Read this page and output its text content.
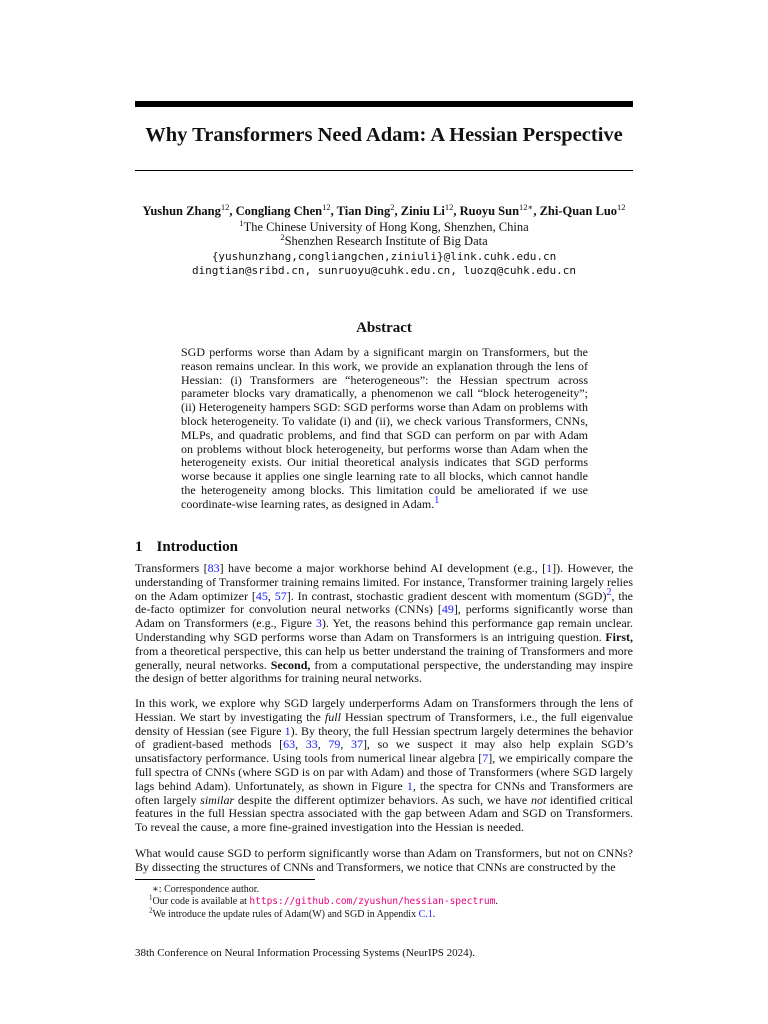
Why Transformers Need Adam: A Hessian Perspective
Yushun Zhang$^{12}$, Congliang Chen$^{12}$, Tian Ding$^2$, Ziniu Li$^{12}$, Ruoyu Sun$^{12∗}$, Zhi-Quan Luo$^{12}$
$^1$The Chinese University of Hong Kong, Shenzhen, China
$^2$Shenzhen Research Institute of Big Data
{yushunzhang,congliangchen,ziniuli}@link.cuhk.edu.cn
dingtian@sribd.cn, sunruoyu@cuhk.edu.cn, luozq@cuhk.edu.cn
Abstract
SGD performs worse than Adam by a significant margin on Transformers, but the reason remains unclear. In this work, we provide an explanation through the lens of Hessian: (i) Transformers are “heterogeneous”: the Hessian spectrum across parameter blocks vary dramatically, a phenomenon we call “block heterogeneity”; (ii) Heterogeneity hampers SGD: SGD performs worse than Adam on problems with block heterogeneity. To validate (i) and (ii), we check various Transformers, CNNs, MLPs, and quadratic problems, and find that SGD can perform on par with Adam on problems without block heterogeneity, but performs worse than Adam when the heterogeneity exists. Our initial theoretical analysis indicates that SGD performs worse because it applies one single learning rate to all blocks, which cannot handle the heterogeneity among blocks. This limitation could be ameliorated if we use coordinate-wise learning rates, as designed in Adam.$^1$
1 Introduction
Transformers [83] have become a major workhorse behind AI development (e.g., [1]). However, the understanding of Transformer training remains limited. For instance, Transformer training largely relies on the Adam optimizer [45, 57]. In contrast, stochastic gradient descent with momentum (SGD)$^2$, the de-facto optimizer for convolution neural networks (CNNs) [49], performs significantly worse than Adam on Transformers (e.g., Figure 3). Yet, the reasons behind this performance gap remain unclear. Understanding why SGD performs worse than Adam on Transformers is an intriguing question. First, from a theoretical perspective, this can help us better understand the training of Transformers and more generally, neural networks. Second, from a computational perspective, the understanding may inspire the design of better algorithms for training neural networks.
In this work, we explore why SGD largely underperforms Adam on Transformers through the lens of Hessian. We start by investigating the full Hessian spectrum of Transformers, i.e., the full eigenvalue density of Hessian (see Figure 1). By theory, the full Hessian spectrum largely determines the behavior of gradient-based methods [63, 33, 79, 37], so we suspect it may also help explain SGD’s unsatisfactory performance. Using tools from numerical linear algebra [7], we empirically compare the full spectra of CNNs (where SGD is on par with Adam) and those of Transformers (where SGD largely lags behind Adam). Unfortunately, as shown in Figure 1, the spectra for CNNs and Transformers are often largely similar despite the different optimizer behaviors. As such, we have not identified critical features in the full Hessian spectra associated with the gap between Adam and SGD on Transformers. To reveal the cause, a more fine-grained investigation into the Hessian is needed.
What would cause SGD to perform significantly worse than Adam on Transformers, but not on CNNs? By dissecting the structures of CNNs and Transformers, we notice that CNNs are constructed by the
∗: Correspondence author.
$^1$Our code is available at https://github.com/zyushun/hessian-spectrum.
$^2$We introduce the update rules of Adam(W) and SGD in Appendix C.1.
38th Conference on Neural Information Processing Systems (NeurIPS 2024).
